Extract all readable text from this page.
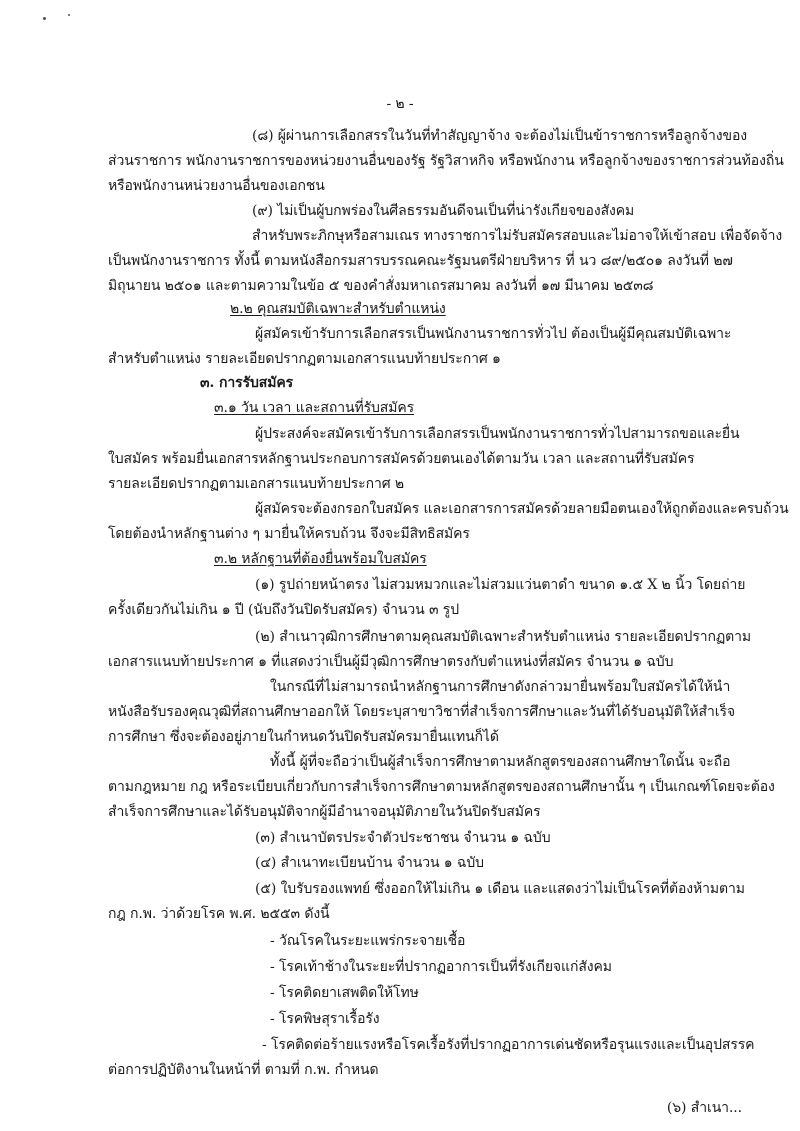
- ๒ -
(๘) ผู้ผ่านการเลือกสรรในวันที่ทำสัญญาจ้าง จะต้องไม่เป็นข้าราชการหรือลูกจ้างของ
ส่วนราชการ พนักงานราชการของหน่วยงานอื่นของรัฐ รัฐวิสาหกิจ หรือพนักงาน หรือลูกจ้างของราชการส่วนท้องถิ่น
หรือพนักงานหน่วยงานอื่นของเอกชน
(๙) ไม่เป็นผู้บกพร่องในศีลธรรมอันดีจนเป็นที่น่ารังเกียจของสังคม
สำหรับพระภิกษุหรือสามเณร ทางราชการไม่รับสมัครสอบและไม่อาจให้เข้าสอบ เพื่อจัดจ้าง
เป็นพนักงานราชการ ทั้งนี้ ตามหนังสือกรมสารบรรณคณะรัฐมนตรีฝ่ายบริหาร ที่ นว ๘๙/๒๕๐๑ ลงวันที่ ๒๗
มิถุนายน ๒๕๐๑ และตามความในข้อ ๕ ของคำสั่งมหาเถรสมาคม ลงวันที่ ๑๗ มีนาคม ๒๕๓๘
๒.๒ คุณสมบัติเฉพาะสำหรับตำแหน่ง
ผู้สมัครเข้ารับการเลือกสรรเป็นพนักงานราชการทั่วไป ต้องเป็นผู้มีคุณสมบัติเฉพาะ
สำหรับตำแหน่ง รายละเอียดปรากฏตามเอกสารแนบท้ายประกาศ ๑
๓. การรับสมัคร
๓.๑ วัน เวลา และสถานที่รับสมัคร
ผู้ประสงค์จะสมัครเข้ารับการเลือกสรรเป็นพนักงานราชการทั่วไปสามารถขอและยื่น
ใบสมัคร พร้อมยื่นเอกสารหลักฐานประกอบการสมัครด้วยตนเองได้ตามวัน เวลา และสถานที่รับสมัคร
รายละเอียดปรากฏตามเอกสารแนบท้ายประกาศ ๒
ผู้สมัครจะต้องกรอกใบสมัคร และเอกสารการสมัครด้วยลายมือตนเองให้ถูกต้องและครบถ้วน
โดยต้องนำหลักฐานต่าง ๆ มายื่นให้ครบถ้วน จึงจะมีสิทธิสมัคร
๓.๒ หลักฐานที่ต้องยื่นพร้อมใบสมัคร
(๑) รูปถ่ายหน้าตรง ไม่สวมหมวกและไม่สวมแว่นตาดำ ขนาด ๑.๕ X ๒ นิ้ว โดยถ่าย
ครั้งเดียวกันไม่เกิน ๑ ปี (นับถึงวันปิดรับสมัคร) จำนวน ๓ รูป
(๒) สำเนาวุฒิการศึกษาตามคุณสมบัติเฉพาะสำหรับตำแหน่ง รายละเอียดปรากฏตาม
เอกสารแนบท้ายประกาศ ๑ ที่แสดงว่าเป็นผู้มีวุฒิการศึกษาตรงกับตำแหน่งที่สมัคร จำนวน ๑ ฉบับ
ในกรณีที่ไม่สามารถนำหลักฐานการศึกษาดังกล่าวมายื่นพร้อมใบสมัครได้ให้นำ
หนังสือรับรองคุณวุฒิที่สถานศึกษาออกให้ โดยระบุสาขาวิชาที่สำเร็จการศึกษาและวันที่ได้รับอนุมัติให้สำเร็จ
การศึกษา ซึ่งจะต้องอยู่ภายในกำหนดวันปิดรับสมัครมายื่นแทนก็ได้
ทั้งนี้ ผู้ที่จะถือว่าเป็นผู้สำเร็จการศึกษาตามหลักสูตรของสถานศึกษาใดนั้น จะถือ
ตามกฎหมาย กฎ หรือระเบียบเกี่ยวกับการสำเร็จการศึกษาตามหลักสูตรของสถานศึกษานั้น ๆ เป็นเกณฑ์โดยจะต้อง
สำเร็จการศึกษาและได้รับอนุมัติจากผู้มีอำนาจอนุมัติภายในวันปิดรับสมัคร
(๓) สำเนาบัตรประจำตัวประชาชน จำนวน ๑ ฉบับ
(๔) สำเนาทะเบียนบ้าน จำนวน ๑ ฉบับ
(๕) ใบรับรองแพทย์ ซึ่งออกให้ไม่เกิน ๑ เดือน และแสดงว่าไม่เป็นโรคที่ต้องห้ามตาม
กฎ ก.พ. ว่าด้วยโรค พ.ศ. ๒๕๕๓ ดังนี้
- วัณโรคในระยะแพร่กระจายเชื้อ
- โรคเท้าช้างในระยะที่ปรากฏอาการเป็นที่รังเกียจแก่สังคม
- โรคติดยาเสพติดให้โทษ
- โรคพิษสุราเรื้อรัง
- โรคติดต่อร้ายแรงหรือโรคเรื้อรังที่ปรากฏอาการเด่นชัดหรือรุนแรงและเป็นอุปสรรค
ต่อการปฏิบัติงานในหน้าที่ ตามที่ ก.พ. กำหนด
(๖) สำเนา...
